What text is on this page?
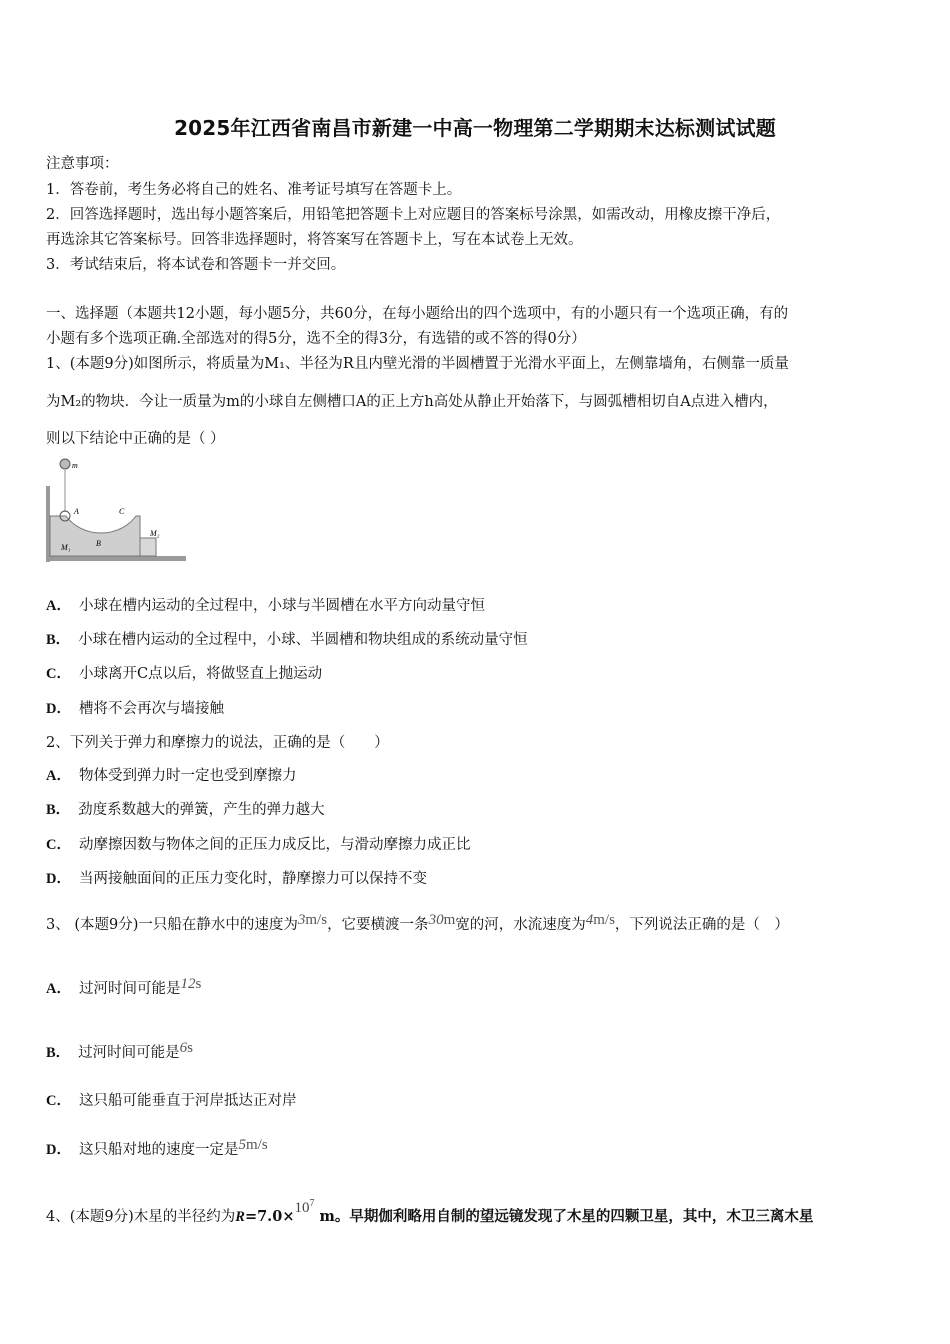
2025年江西省南昌市新建一中高一物理第二学期期末达标测试试题
注意事项：
1．答卷前，考生务必将自己的姓名、准考证号填写在答题卡上。
2．回答选择题时，选出每小题答案后，用铅笔把答题卡上对应题目的答案标号涂黑，如需改动，用橡皮擦干净后，
再选涂其它答案标号。回答非选择题时，将答案写在答题卡上，写在本试卷上无效。
3．考试结束后，将本试卷和答题卡一并交回。
一、选择题（本题共12小题，每小题5分，共60分，在每小题给出的四个选项中，有的小题只有一个选项正确，有的
小题有多个选项正确.全部选对的得5分，选不全的得3分，有选错的或不答的得0分）
1、(本题9分)如图所示，将质量为M₁、半径为R且内壁光滑的半圆槽置于光滑水平面上，左侧靠墙角，右侧靠一质量
为M₂的物块．今让一质量为m的小球自左侧槽口A的正上方h高处从静止开始落下，与圆弧槽相切自A点进入槽内，
则以下结论中正确的是（ ）
m
A
B
C
M₁
M₂
A． 小球在槽内运动的全过程中，小球与半圆槽在水平方向动量守恒
B． 小球在槽内运动的全过程中，小球、半圆槽和物块组成的系统动量守恒
C． 小球离开C点以后，将做竖直上抛运动
D． 槽将不会再次与墙接触
2、下列关于弹力和摩擦力的说法，正确的是（　　）
A． 物体受到弹力时一定也受到摩擦力
B． 劲度系数越大的弹簧，产生的弹力越大
C． 动摩擦因数与物体之间的正压力成反比，与滑动摩擦力成正比
D． 当两接触面间的正压力变化时，静摩擦力可以保持不变
3、 (本题9分)一只船在静水中的速度为3m/s，它要横渡一条30m宽的河，水流速度为4m/s，下列说法正确的是（　）
A． 过河时间可能是12s
B． 过河时间可能是6s
C． 这只船可能垂直于河岸抵达正对岸
D． 这只船对地的速度一定是5m/s
4、(本题9分)木星的半径约为$R=7.0\times 10^7$ m。早期伽利略用自制的望远镜发现了木星的四颗卫星，其中，木卫三离木星
